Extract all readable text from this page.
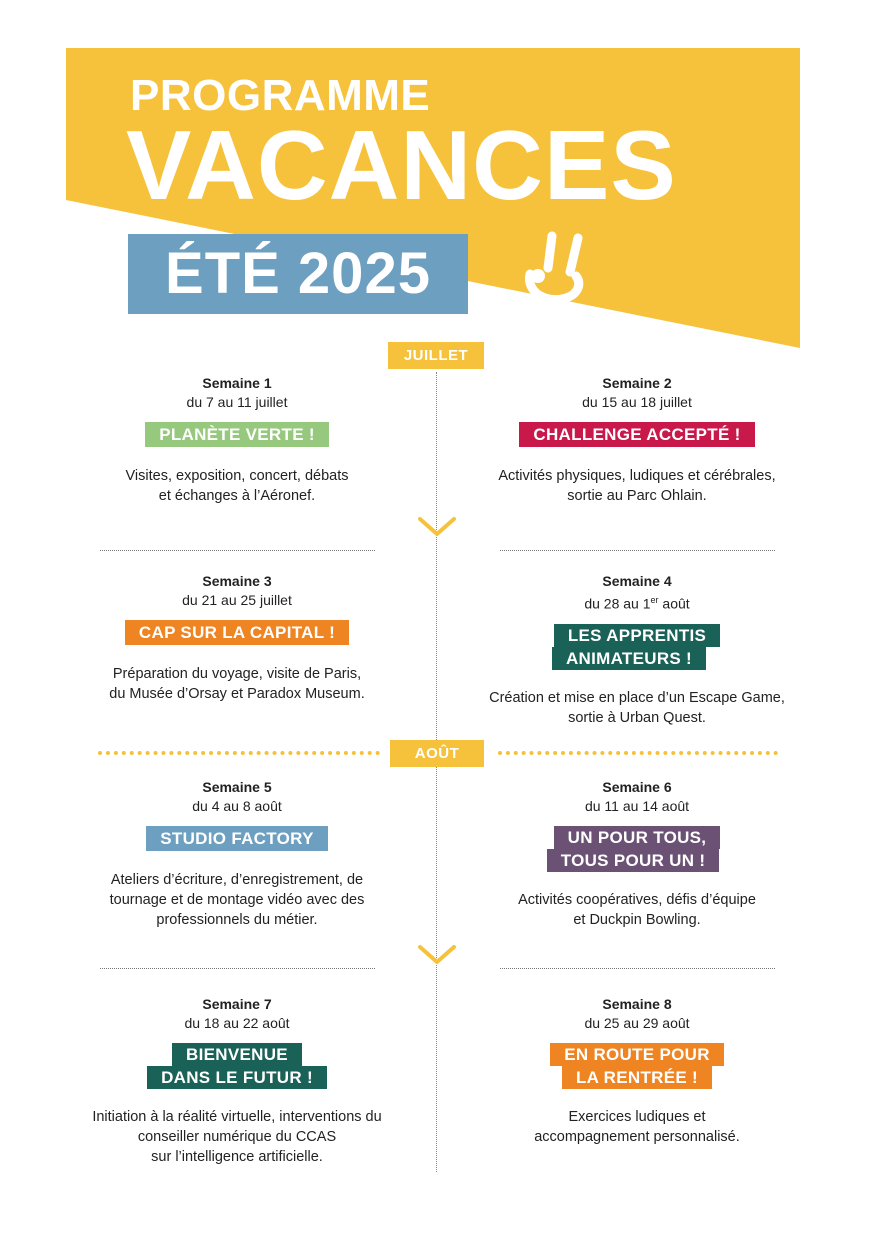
PROGRAMME
VACANCES
ÉTÉ 2025
JUILLET
AOÛT
Semaine 1
du 7 au 11 juillet
PLANÈTE VERTE !
Visites, exposition, concert, débats
et échanges à l’Aéronef.
Semaine 2
du 15 au 18 juillet
CHALLENGE ACCEPTÉ !
Activités physiques, ludiques et cérébrales,
sortie au Parc Ohlain.
Semaine 3
du 21 au 25 juillet
CAP SUR LA CAPITAL !
Préparation du voyage, visite de Paris,
du Musée d’Orsay et Paradox Museum.
Semaine 4
du 28 au 1er août
LES APPRENTIS
ANIMATEURS !
Création et mise en place d’un Escape Game,
sortie à Urban Quest.
Semaine 5
du 4 au 8 août
STUDIO FACTORY
Ateliers d’écriture, d’enregistrement, de
tournage et de montage vidéo avec des
professionnels du métier.
Semaine 6
du 11 au 14 août
UN POUR TOUS,
TOUS POUR UN !
Activités coopératives, défis d’équipe
et Duckpin Bowling.
Semaine 7
du 18 au 22 août
BIENVENUE
DANS LE FUTUR !
Initiation à la réalité virtuelle, interventions du
conseiller numérique du CCAS
sur l’intelligence artificielle.
Semaine 8
du 25 au 29 août
EN ROUTE POUR
LA RENTRÉE !
Exercices ludiques et
accompagnement personnalisé.
